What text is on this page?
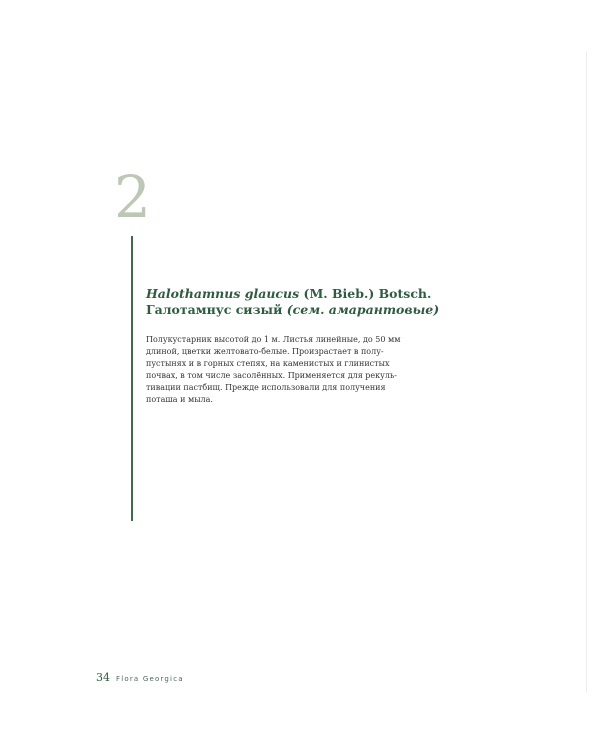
2
Halothamnus glaucus (M. Bieb.) Botsch.
Галотамнус сизый (сем. амарантовые)
Полукустарник высотой до 1 м. Листья линейные, до 50 мм
длиной, цветки желтовато-белые. Произрастает в полу-
пустынях и в горных степях, на каменистых и глинистых
почвах, в том числе засолённых. Применяется для рекуль-
тивации пастбищ. Прежде использовали для получения
поташа и мыла.
34 Flora Georgica
